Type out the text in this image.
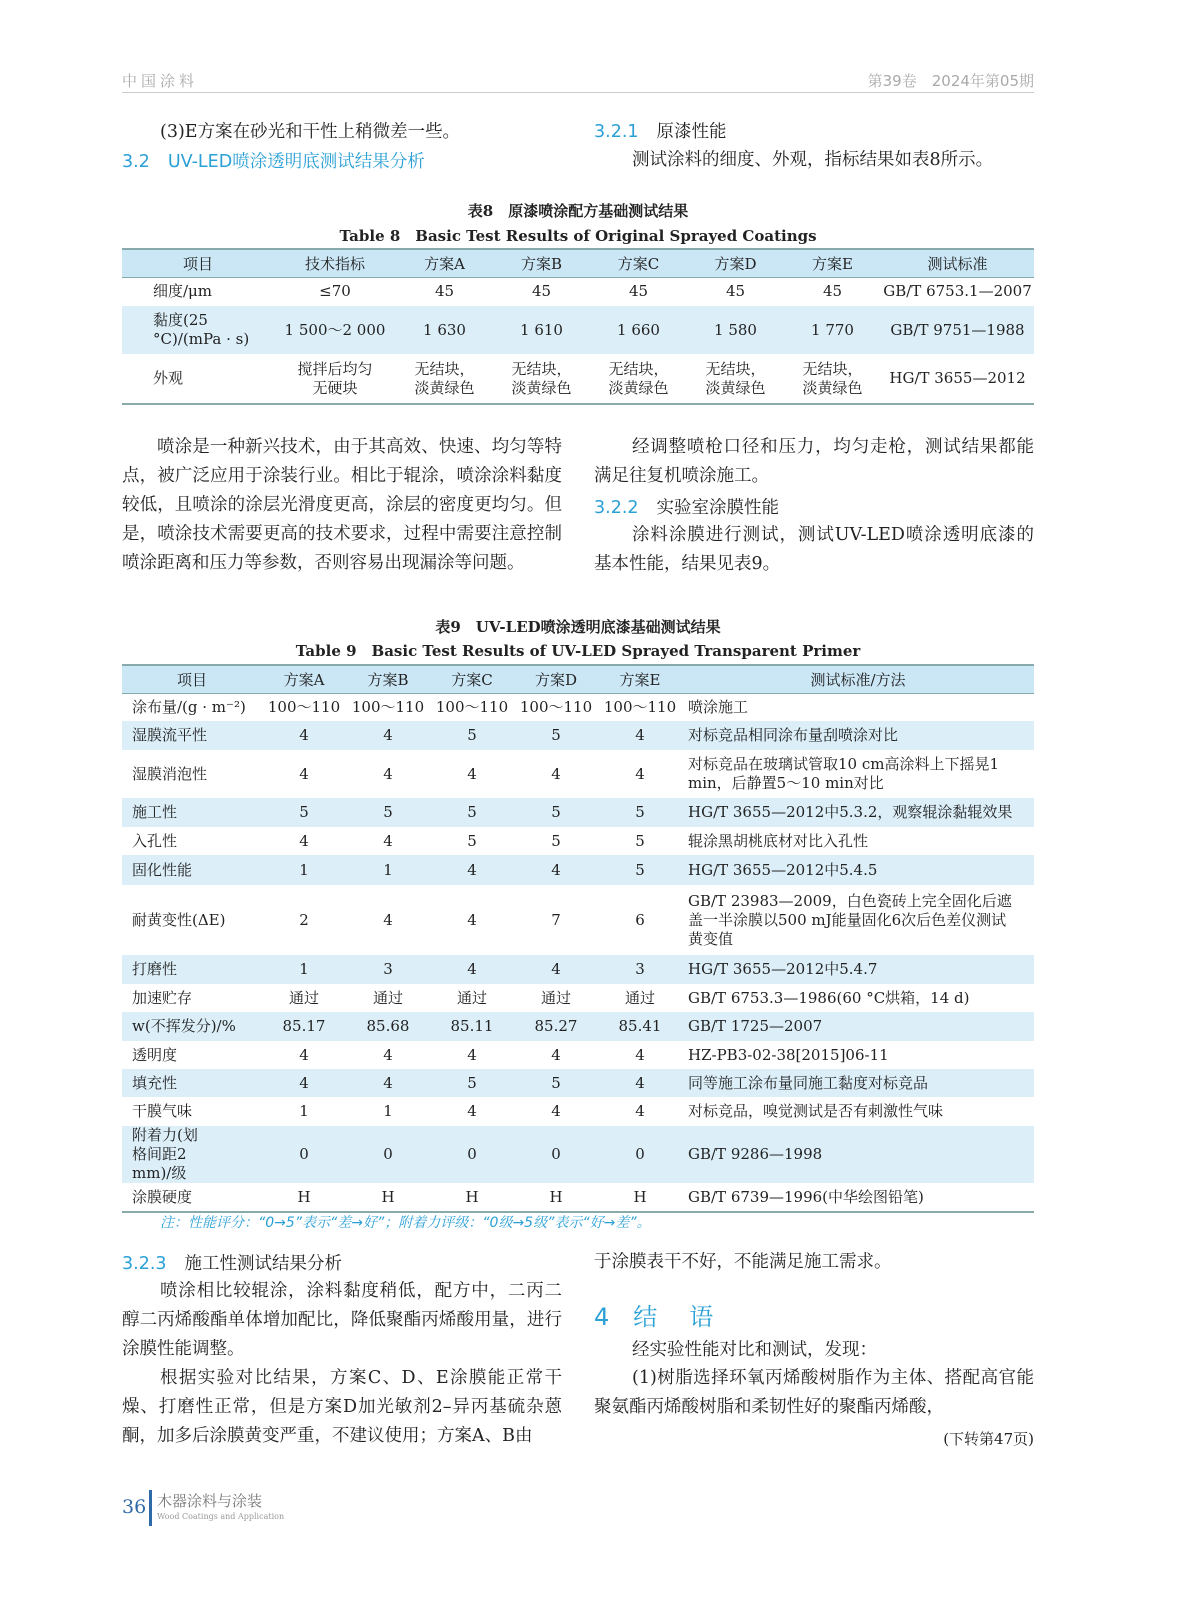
中国涂料	第39卷　2024年第05期
(3)E方案在砂光和干性上稍微差一些。
3.2 UV-LED喷涂透明底测试结果分析
3.2.1 原漆性能
测试涂料的细度、外观，指标结果如表8所示。
表8　原漆喷涂配方基础测试结果
Table 8　Basic Test Results of Original Sprayed Coatings
项目	技术指标	方案A	方案B	方案C	方案D	方案E	测试标准
细度/μm	≤70	45	45	45	45	45	GB/T 6753.1—2007
黏度(25 °C)/(mPa · s)	1 500～2 000	1 630	1 610	1 660	1 580	1 770	GB/T 9751—1988
外观	搅拌后均匀无硬块	无结块，淡黄绿色	无结块，淡黄绿色	无结块，淡黄绿色	无结块，淡黄绿色	无结块，淡黄绿色	HG/T 3655—2012
喷涂是一种新兴技术，由于其高效、快速、均匀等特点，被广泛应用于涂装行业。相比于辊涂，喷涂涂料黏度较低，且喷涂的涂层光滑度更高，涂层的密度更均匀。但是，喷涂技术需要更高的技术要求，过程中需要注意控制喷涂距离和压力等参数，否则容易出现漏涂等问题。
经调整喷枪口径和压力，均匀走枪，测试结果都能满足往复机喷涂施工。
3.2.2 实验室涂膜性能
涂料涂膜进行测试，测试UV-LED喷涂透明底漆的基本性能，结果见表9。
表9　UV-LED喷涂透明底漆基础测试结果
Table 9　Basic Test Results of UV-LED Sprayed Transparent Primer
项目	方案A	方案B	方案C	方案D	方案E	测试标准/方法
涂布量/(g · m⁻²)	100～110	100～110	100～110	100～110	100～110	喷涂施工
湿膜流平性	4	4	5	5	4	对标竞品相同涂布量刮喷涂对比
湿膜消泡性	4	4	4	4	4	对标竞品在玻璃试管取10 cm高涂料上下摇晃1 min，后静置5～10 min对比
施工性	5	5	5	5	5	HG/T 3655—2012中5.3.2，观察辊涂黏辊效果
入孔性	4	4	5	5	5	辊涂黑胡桃底材对比入孔性
固化性能	1	1	4	4	5	HG/T 3655—2012中5.4.5
耐黄变性(ΔE)	2	4	4	7	6	GB/T 23983—2009，白色瓷砖上完全固化后遮盖一半涂膜以500 mJ能量固化6次后色差仪测试黄变值
打磨性	1	3	4	4	3	HG/T 3655—2012中5.4.7
加速贮存	通过	通过	通过	通过	通过	GB/T 6753.3—1986(60 °C烘箱，14 d)
w(不挥发分)/%	85.17	85.68	85.11	85.27	85.41	GB/T 1725—2007
透明度	4	4	4	4	4	HZ-PB3-02-38[2015]06-11
填充性	4	4	5	5	4	同等施工涂布量同施工黏度对标竞品
干膜气味	1	1	4	4	4	对标竞品，嗅觉测试是否有刺激性气味
附着力(划格间距2 mm)/级	0	0	0	0	0	GB/T 9286—1998
涂膜硬度	H	H	H	H	H	GB/T 6739—1996(中华绘图铅笔)
注：性能评分：“0→5”表示“差→好”；附着力评级：“0级→5级”表示“好→差”。
3.2.3 施工性测试结果分析
喷涂相比较辊涂，涂料黏度稍低，配方中，二丙二醇二丙烯酸酯单体增加配比，降低聚酯丙烯酸用量，进行涂膜性能调整。
根据实验对比结果，方案C、D、E涂膜能正常干燥、打磨性正常，但是方案D加光敏剂2–异丙基硫杂蒽酮，加多后涂膜黄变严重，不建议使用；方案A、B由
于涂膜表干不好，不能满足施工需求。
4 结　语
经实验性能对比和测试，发现：
(1)树脂选择环氧丙烯酸树脂作为主体、搭配高官能聚氨酯丙烯酸树脂和柔韧性好的聚酯丙烯酸，
(下转第47页)
36 木器涂料与涂装
Wood Coatings and Application
